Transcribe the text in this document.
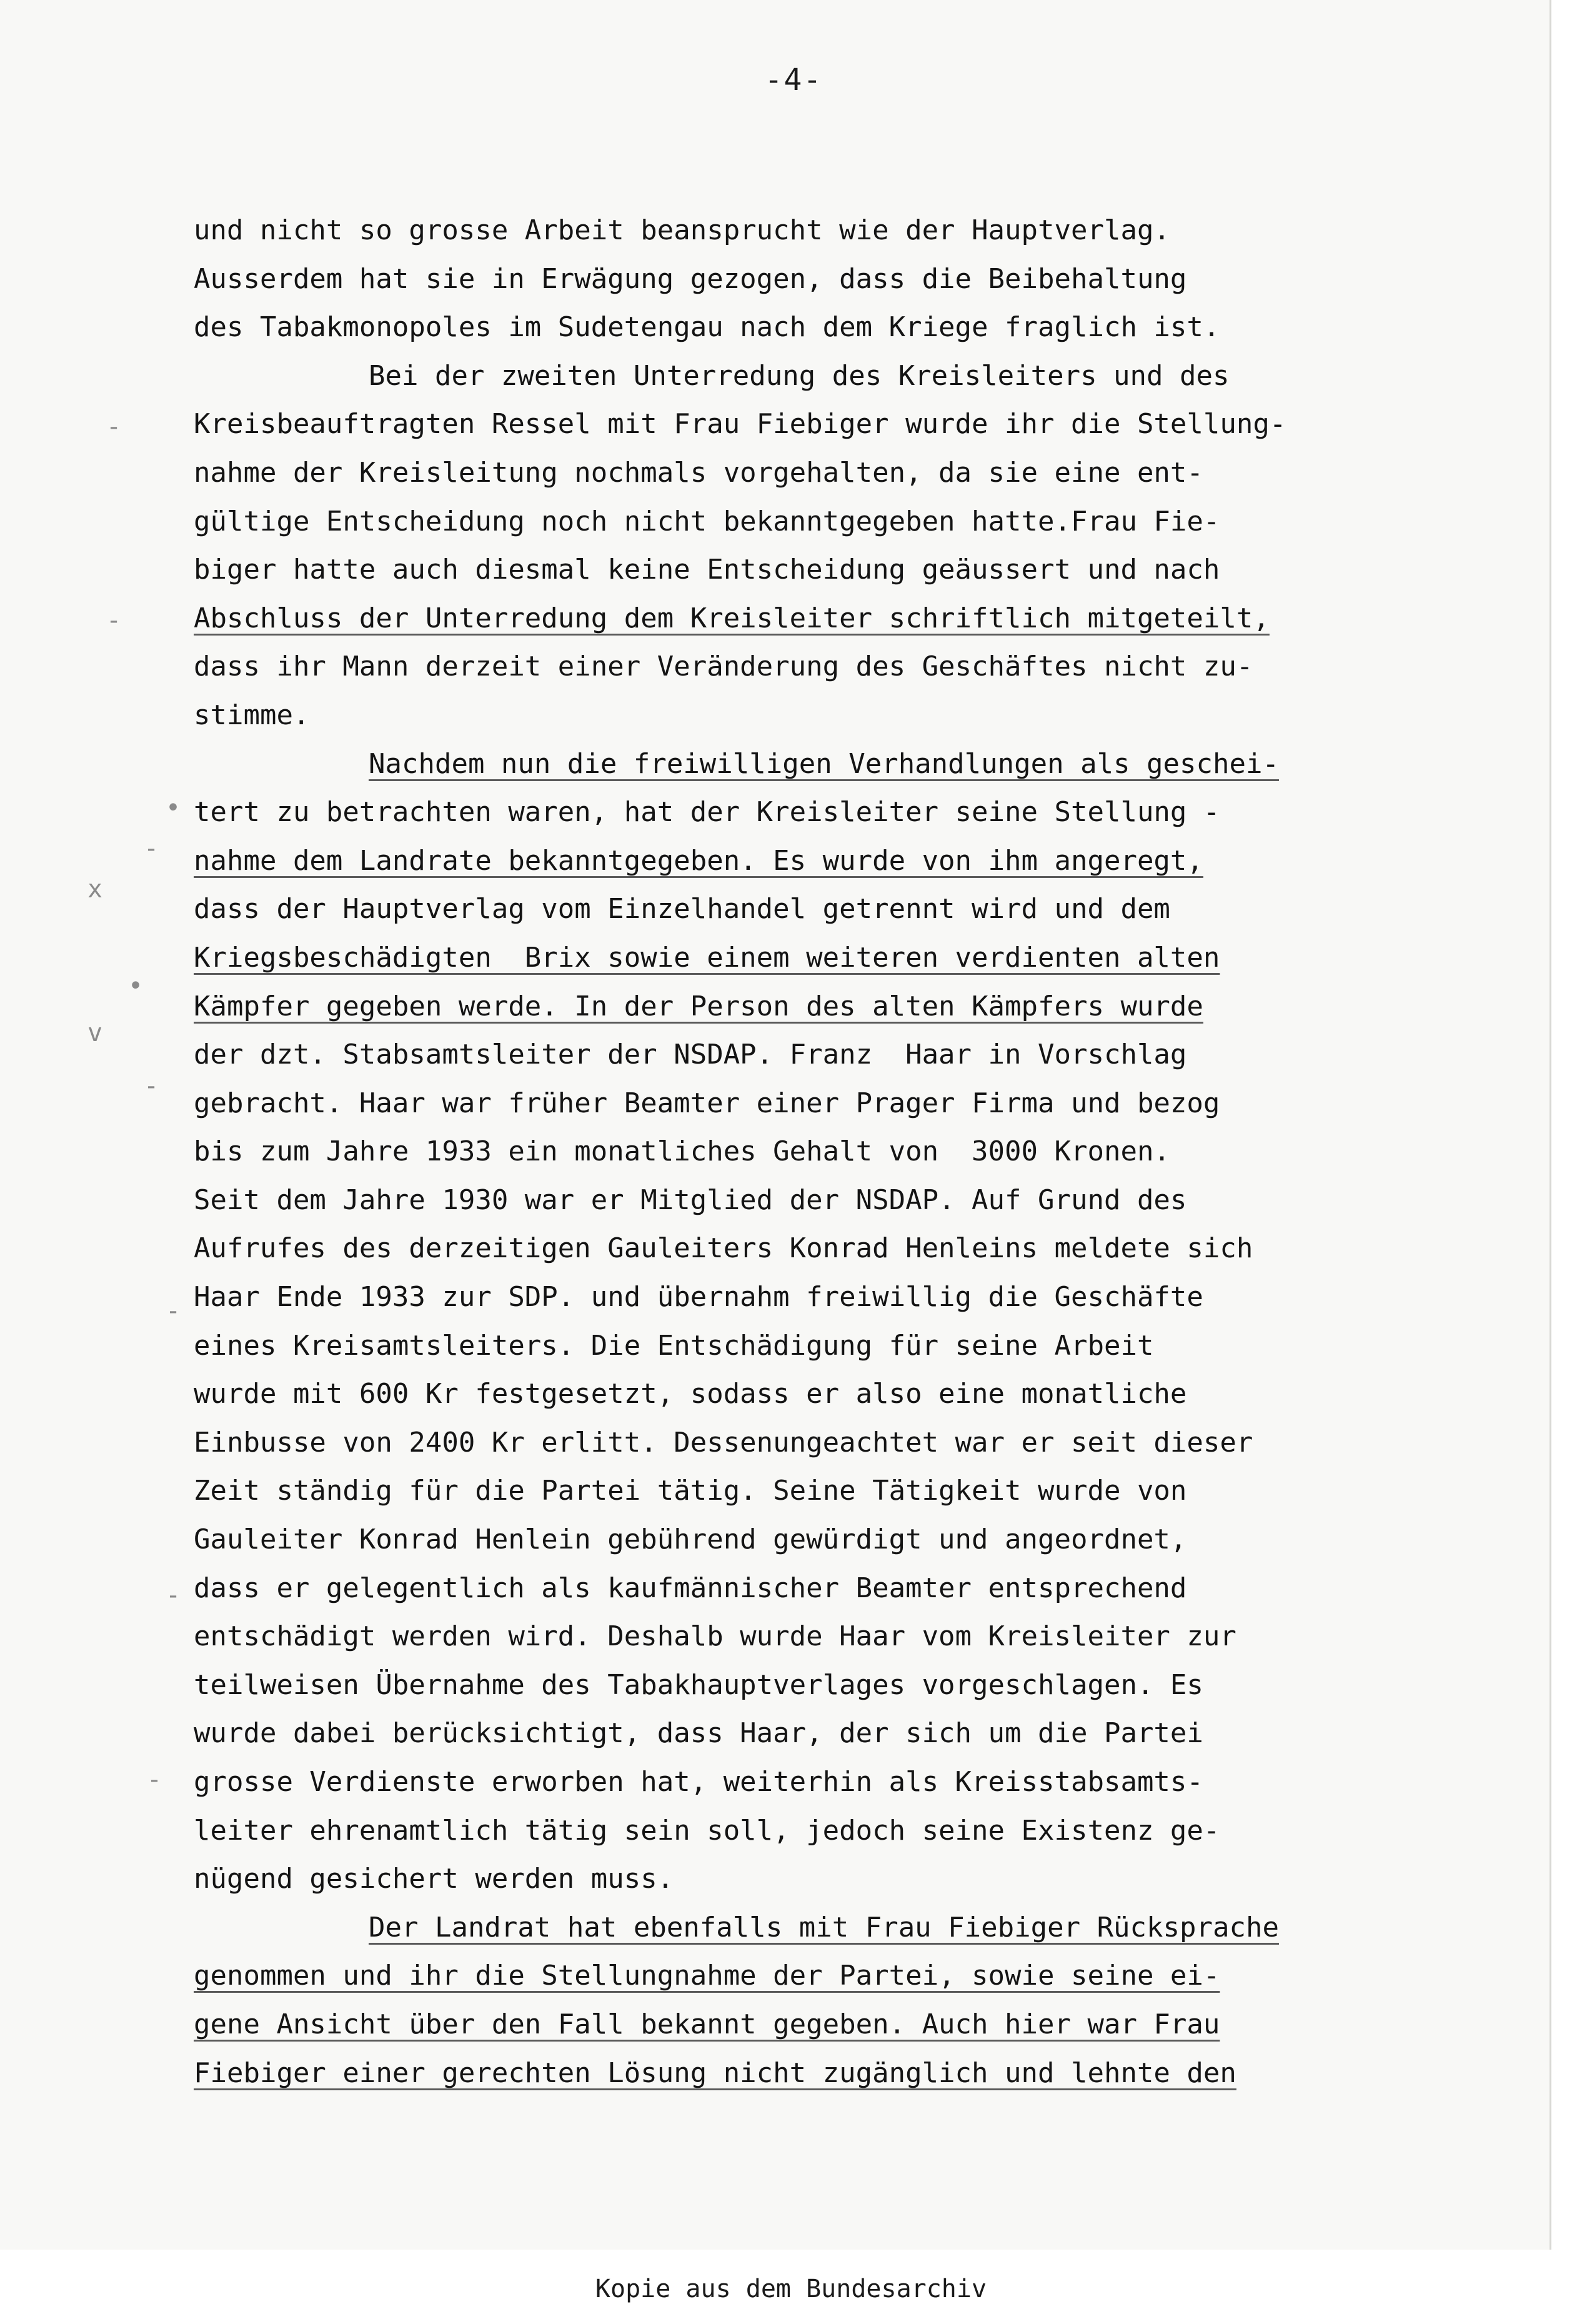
-4-
-
-
•
-
x
•
v
-
-
-
-
und nicht so grosse Arbeit beansprucht wie der Hauptverlag.
Ausserdem hat sie in Erwägung gezogen, dass die Beibehaltung
des Tabakmonopoles im Sudetengau nach dem Kriege fraglich ist.
Bei der zweiten Unterredung des Kreisleiters und des
Kreisbeauftragten Ressel mit Frau Fiebiger wurde ihr die Stellung-
nahme der Kreisleitung nochmals vorgehalten, da sie eine ent-
gültige Entscheidung noch nicht bekanntgegeben hatte.Frau Fie-
biger hatte auch diesmal keine Entscheidung geäussert und nach
Abschluss der Unterredung dem Kreisleiter schriftlich mitgeteilt,
dass ihr Mann derzeit einer Veränderung des Geschäftes nicht zu-
stimme.
Nachdem nun die freiwilligen Verhandlungen als geschei-
tert zu betrachten waren, hat der Kreisleiter seine Stellung -
nahme dem Landrate bekanntgegeben. Es wurde von ihm angeregt,
dass der Hauptverlag vom Einzelhandel getrennt wird und dem
Kriegsbeschädigten  Brix sowie einem weiteren verdienten alten
Kämpfer gegeben werde. In der Person des alten Kämpfers wurde
der dzt. Stabsamtsleiter der NSDAP. Franz  Haar in Vorschlag
gebracht. Haar war früher Beamter einer Prager Firma und bezog
bis zum Jahre 1933 ein monatliches Gehalt von  3000 Kronen.
Seit dem Jahre 1930 war er Mitglied der NSDAP. Auf Grund des
Aufrufes des derzeitigen Gauleiters Konrad Henleins meldete sich
Haar Ende 1933 zur SDP. und übernahm freiwillig die Geschäfte
eines Kreisamtsleiters. Die Entschädigung für seine Arbeit
wurde mit 600 Kr festgesetzt, sodass er also eine monatliche
Einbusse von 2400 Kr erlitt. Dessenungeachtet war er seit dieser
Zeit ständig für die Partei tätig. Seine Tätigkeit wurde von
Gauleiter Konrad Henlein gebührend gewürdigt und angeordnet,
dass er gelegentlich als kaufmännischer Beamter entsprechend
entschädigt werden wird. Deshalb wurde Haar vom Kreisleiter zur
teilweisen Übernahme des Tabakhauptverlages vorgeschlagen. Es
wurde dabei berücksichtigt, dass Haar, der sich um die Partei
grosse Verdienste erworben hat, weiterhin als Kreisstabsamts-
leiter ehrenamtlich tätig sein soll, jedoch seine Existenz ge-
nügend gesichert werden muss.
Der Landrat hat ebenfalls mit Frau Fiebiger Rücksprache
genommen und ihr die Stellungnahme der Partei, sowie seine ei-
gene Ansicht über den Fall bekannt gegeben. Auch hier war Frau
Fiebiger einer gerechten Lösung nicht zugänglich und lehnte den
Kopie aus dem Bundesarchiv
